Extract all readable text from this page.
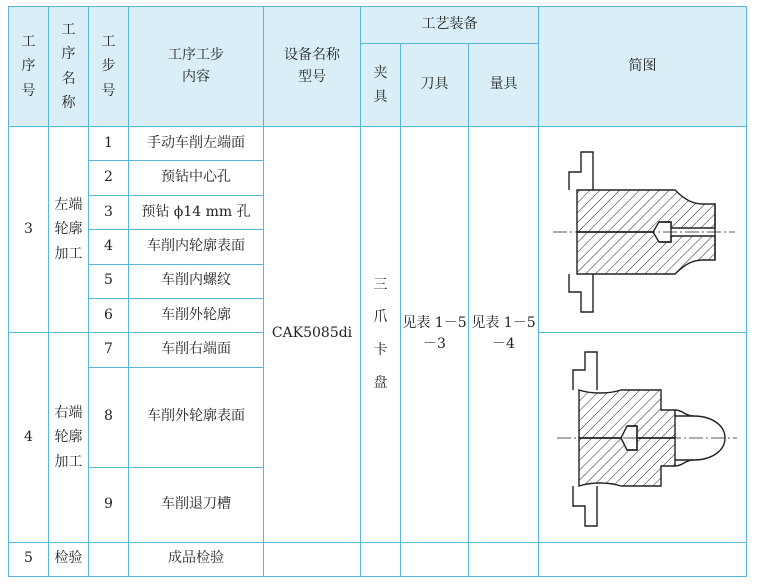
工序号	工序名称	工步号	工序工步内容	设备名称型号	工艺装备			简图
					夹具	刀具	量具	
3	左端轮廓加工	1	手动车削左端面	CAK5085di	三爪卡盘	见表 1－5－3	见表 1－5－4	
		2	预钻中心孔					
		3	预钻 ϕ14 mm 孔					
		4	车削内轮廓表面					
		5	车削内螺纹					
		6	车削外轮廓					
4	右端轮廓加工	7	车削右端面					
		8	车削外轮廓表面					
		9	车削退刀槽					
5	检验		成品检验					
